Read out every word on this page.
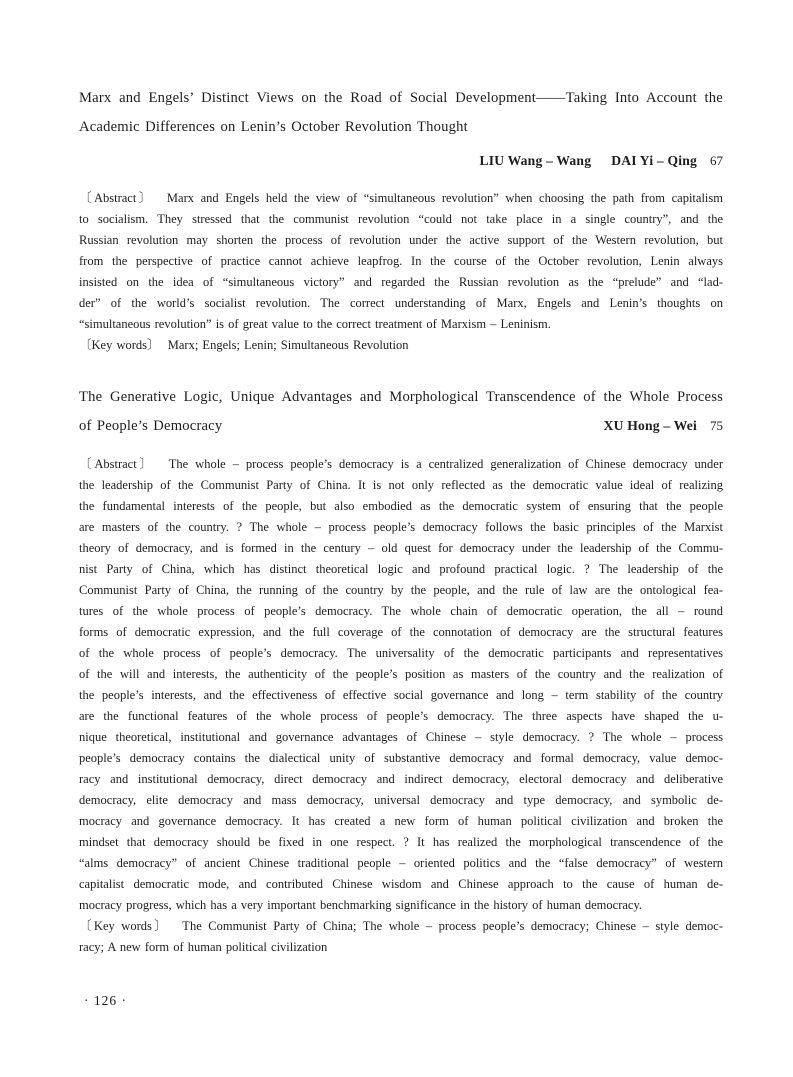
Marx and Engels’ Distinct Views on the Road of Social Development——Taking Into Account the
Academic Differences on Lenin’s October Revolution Thought
LIU Wang – Wang DAI Yi – Qing 67
〔Abstract〕  Marx and Engels held the view of “simultaneous revolution” when choosing the path from capitalism
to socialism. They stressed that the communist revolution “could not take place in a single country”, and the
Russian revolution may shorten the process of revolution under the active support of the Western revolution, but
from the perspective of practice cannot achieve leapfrog. In the course of the October revolution, Lenin always
insisted on the idea of “simultaneous victory” and regarded the Russian revolution as the “prelude” and “lad-
der” of the world’s socialist revolution. The correct understanding of Marx, Engels and Lenin’s thoughts on
“simultaneous revolution” is of great value to the correct treatment of Marxism – Leninism.
〔Key words〕  Marx; Engels; Lenin; Simultaneous Revolution
The Generative Logic, Unique Advantages and Morphological Transcendence of the Whole Process
of People’s Democracy	XU Hong – Wei 75
〔Abstract〕  The whole – process people’s democracy is a centralized generalization of Chinese democracy under
the leadership of the Communist Party of China. It is not only reflected as the democratic value ideal of realizing
the fundamental interests of the people, but also embodied as the democratic system of ensuring that the people
are masters of the country. ? The whole – process people’s democracy follows the basic principles of the Marxist
theory of democracy, and is formed in the century – old quest for democracy under the leadership of the Commu-
nist Party of China, which has distinct theoretical logic and profound practical logic. ? The leadership of the
Communist Party of China, the running of the country by the people, and the rule of law are the ontological fea-
tures of the whole process of people’s democracy. The whole chain of democratic operation, the all – round
forms of democratic expression, and the full coverage of the connotation of democracy are the structural features
of the whole process of people’s democracy. The universality of the democratic participants and representatives
of the will and interests, the authenticity of the people’s position as masters of the country and the realization of
the people’s interests, and the effectiveness of effective social governance and long – term stability of the country
are the functional features of the whole process of people’s democracy. The three aspects have shaped the u-
nique theoretical, institutional and governance advantages of Chinese – style democracy. ? The whole – process
people’s democracy contains the dialectical unity of substantive democracy and formal democracy, value democ-
racy and institutional democracy, direct democracy and indirect democracy, electoral democracy and deliberative
democracy, elite democracy and mass democracy, universal democracy and type democracy, and symbolic de-
mocracy and governance democracy. It has created a new form of human political civilization and broken the
mindset that democracy should be fixed in one respect. ? It has realized the morphological transcendence of the
“alms democracy” of ancient Chinese traditional people – oriented politics and the “false democracy” of western
capitalist democratic mode, and contributed Chinese wisdom and Chinese approach to the cause of human de-
mocracy progress, which has a very important benchmarking significance in the history of human democracy.
〔Key words〕  The Communist Party of China; The whole – process people’s democracy; Chinese – style democ-
racy; A new form of human political civilization
· 126 ·
